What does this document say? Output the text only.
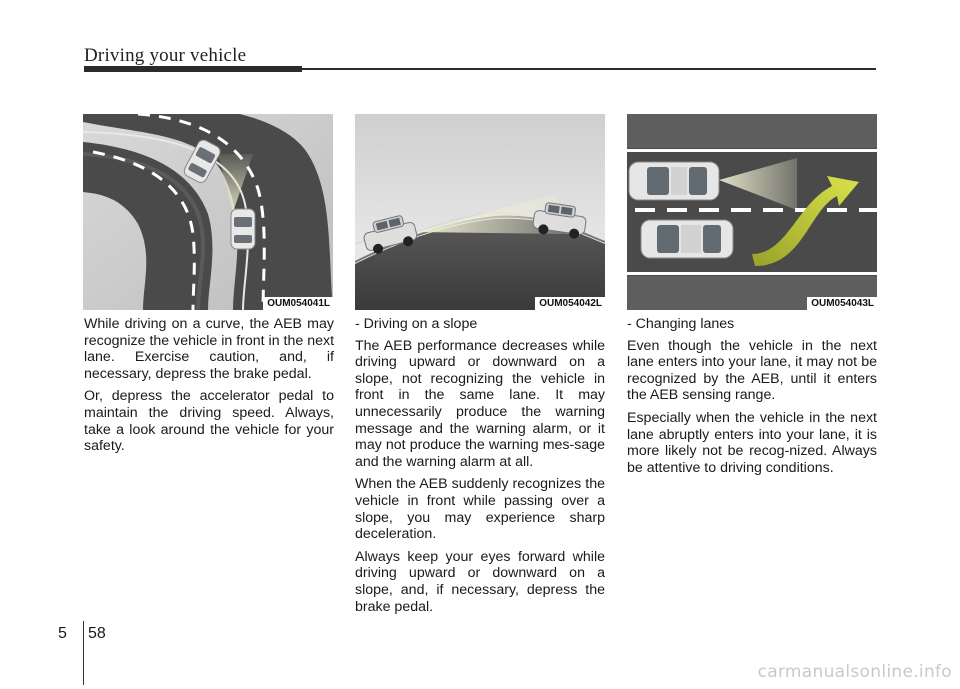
Driving your vehicle
OUM054041L	OUM054042L	OUM054043L

While driving on a curve, the AEB may recognize the vehicle in front in the next lane. Exercise caution, and, if necessary, depress the brake pedal.

Or, depress the accelerator pedal to maintain the driving speed. Always, take a look around the vehicle for your safety.

- Driving on a slope

The AEB performance decreases while driving upward or downward on a slope, not recognizing the vehicle in front in the same lane. It may unnecessarily produce the warning message and the warning alarm, or it may not produce the warning mes-sage and the warning alarm at all.

When the AEB suddenly recognizes the vehicle in front while passing over a slope, you may experience sharp deceleration.

Always keep your eyes forward while driving upward or downward on a slope, and, if necessary, depress the brake pedal.

- Changing lanes

Even though the vehicle in the next lane enters into your lane, it may not be recognized by the AEB, until it enters the AEB sensing range.

Especially when the vehicle in the next lane abruptly enters into your lane, it is more likely not be recog-nized. Always be attentive to driving conditions.

5 58
carmanualsonline.info
